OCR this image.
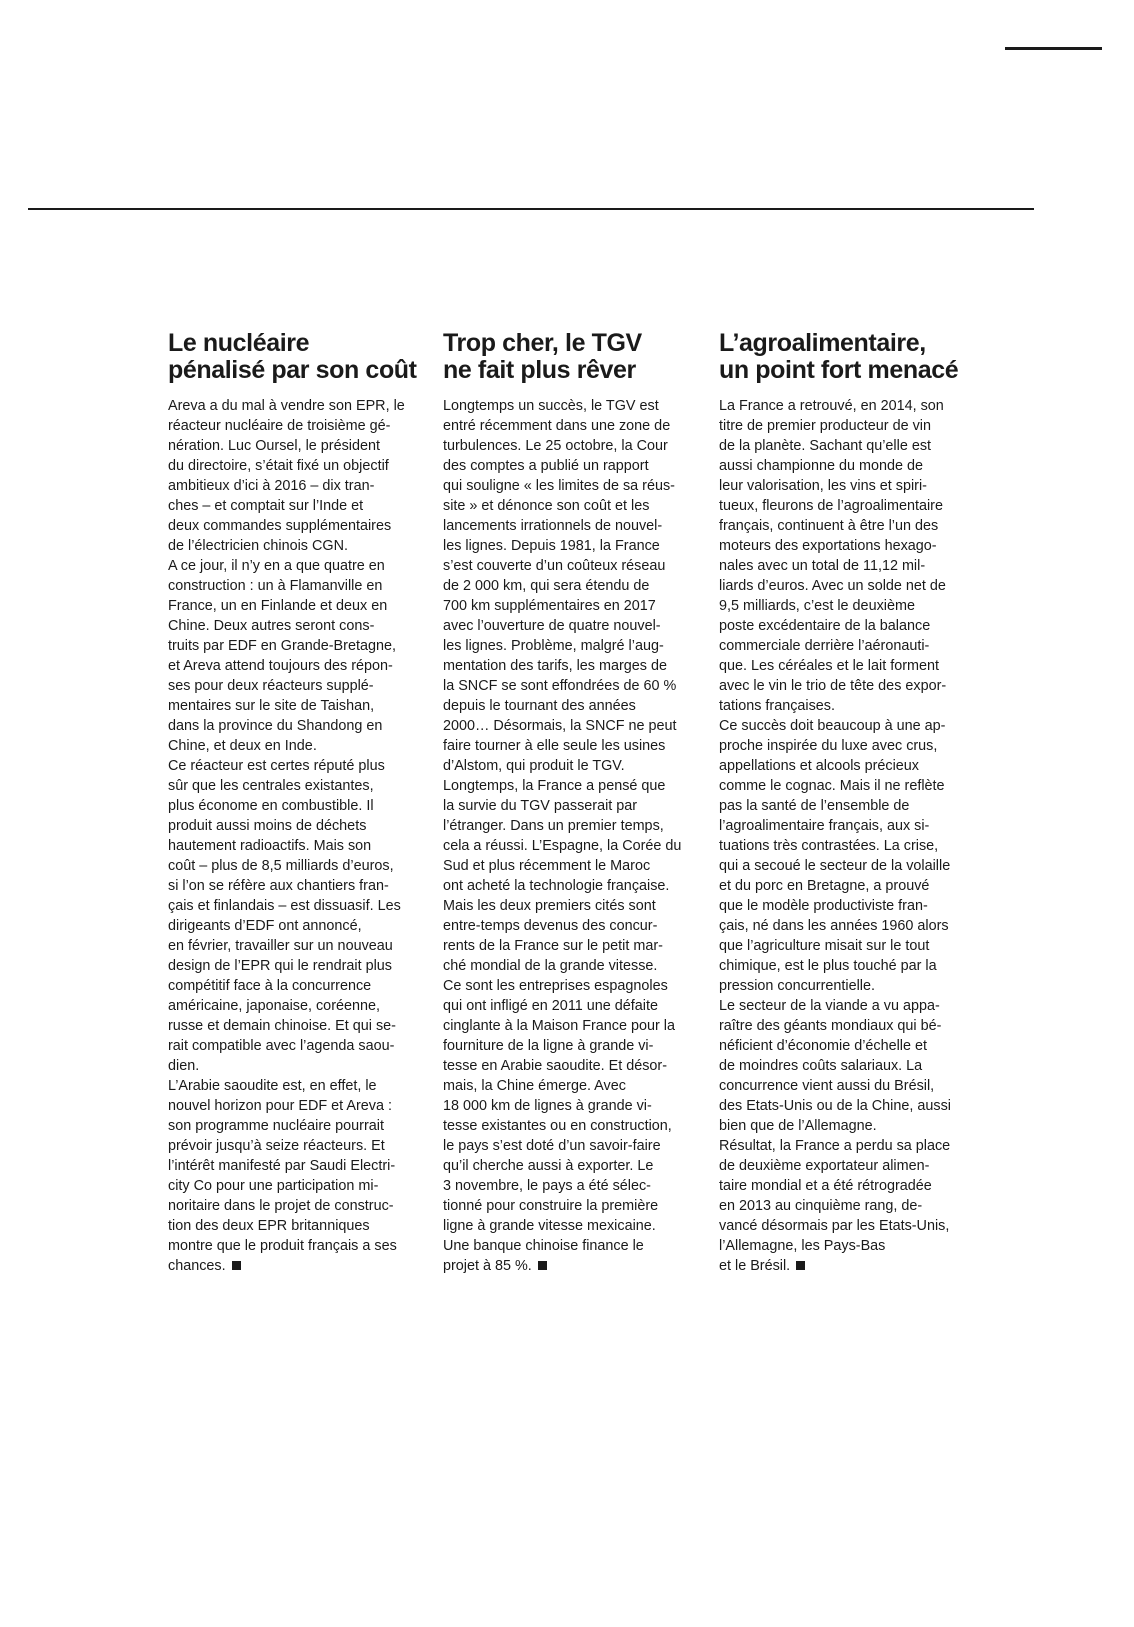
Le nucléaire
pénalisé par son coût
Areva a du mal à vendre son EPR, le
réacteur nucléaire de troisième gé-
nération. Luc Oursel, le président
du directoire, s’était fixé un objectif
ambitieux d’ici à 2016 – dix tran-
ches – et comptait sur l’Inde et
deux commandes supplémentaires
de l’électricien chinois CGN.
A ce jour, il n’y en a que quatre en
construction : un à Flamanville en
France, un en Finlande et deux en
Chine. Deux autres seront cons-
truits par EDF en Grande-Bretagne,
et Areva attend toujours des répon-
ses pour deux réacteurs supplé-
mentaires sur le site de Taishan,
dans la province du Shandong en
Chine, et deux en Inde.
Ce réacteur est certes réputé plus
sûr que les centrales existantes,
plus économe en combustible. Il
produit aussi moins de déchets
hautement radioactifs. Mais son
coût – plus de 8,5 milliards d’euros,
si l’on se réfère aux chantiers fran-
çais et finlandais – est dissuasif. Les
dirigeants d’EDF ont annoncé,
en février, travailler sur un nouveau
design de l’EPR qui le rendrait plus
compétitif face à la concurrence
américaine, japonaise, coréenne,
russe et demain chinoise. Et qui se-
rait compatible avec l’agenda saou-
dien.
L’Arabie saoudite est, en effet, le
nouvel horizon pour EDF et Areva :
son programme nucléaire pourrait
prévoir jusqu’à seize réacteurs. Et
l’intérêt manifesté par Saudi Electri-
city Co pour une participation mi-
noritaire dans le projet de construc-
tion des deux EPR britanniques
montre que le produit français a ses
chances.
Trop cher, le TGV
ne fait plus rêver
Longtemps un succès, le TGV est
entré récemment dans une zone de
turbulences. Le 25 octobre, la Cour
des comptes a publié un rapport
qui souligne « les limites de sa réus-
site » et dénonce son coût et les
lancements irrationnels de nouvel-
les lignes. Depuis 1981, la France
s’est couverte d’un coûteux réseau
de 2 000 km, qui sera étendu de
700 km supplémentaires en 2017
avec l’ouverture de quatre nouvel-
les lignes. Problème, malgré l’aug-
mentation des tarifs, les marges de
la SNCF se sont effondrées de 60 %
depuis le tournant des années
2000… Désormais, la SNCF ne peut
faire tourner à elle seule les usines
d’Alstom, qui produit le TGV.
Longtemps, la France a pensé que
la survie du TGV passerait par
l’étranger. Dans un premier temps,
cela a réussi. L’Espagne, la Corée du
Sud et plus récemment le Maroc
ont acheté la technologie française.
Mais les deux premiers cités sont
entre-temps devenus des concur-
rents de la France sur le petit mar-
ché mondial de la grande vitesse.
Ce sont les entreprises espagnoles
qui ont infligé en 2011 une défaite
cinglante à la Maison France pour la
fourniture de la ligne à grande vi-
tesse en Arabie saoudite. Et désor-
mais, la Chine émerge. Avec
18 000 km de lignes à grande vi-
tesse existantes ou en construction,
le pays s’est doté d’un savoir-faire
qu’il cherche aussi à exporter. Le
3 novembre, le pays a été sélec-
tionné pour construire la première
ligne à grande vitesse mexicaine.
Une banque chinoise finance le
projet à 85 %.
L’agroalimentaire,
un point fort menacé
La France a retrouvé, en 2014, son
titre de premier producteur de vin
de la planète. Sachant qu’elle est
aussi championne du monde de
leur valorisation, les vins et spiri-
tueux, fleurons de l’agroalimentaire
français, continuent à être l’un des
moteurs des exportations hexago-
nales avec un total de 11,12 mil-
liards d’euros. Avec un solde net de
9,5 milliards, c’est le deuxième
poste excédentaire de la balance
commerciale derrière l’aéronauti-
que. Les céréales et le lait forment
avec le vin le trio de tête des expor-
tations françaises.
Ce succès doit beaucoup à une ap-
proche inspirée du luxe avec crus,
appellations et alcools précieux
comme le cognac. Mais il ne reflète
pas la santé de l’ensemble de
l’agroalimentaire français, aux si-
tuations très contrastées. La crise,
qui a secoué le secteur de la volaille
et du porc en Bretagne, a prouvé
que le modèle productiviste fran-
çais, né dans les années 1960 alors
que l’agriculture misait sur le tout
chimique, est le plus touché par la
pression concurrentielle.
Le secteur de la viande a vu appa-
raître des géants mondiaux qui bé-
néficient d’économie d’échelle et
de moindres coûts salariaux. La
concurrence vient aussi du Brésil,
des Etats-Unis ou de la Chine, aussi
bien que de l’Allemagne.
Résultat, la France a perdu sa place
de deuxième exportateur alimen-
taire mondial et a été rétrogradée
en 2013 au cinquième rang, de-
vancé désormais par les Etats-Unis,
l’Allemagne, les Pays-Bas
et le Brésil.
